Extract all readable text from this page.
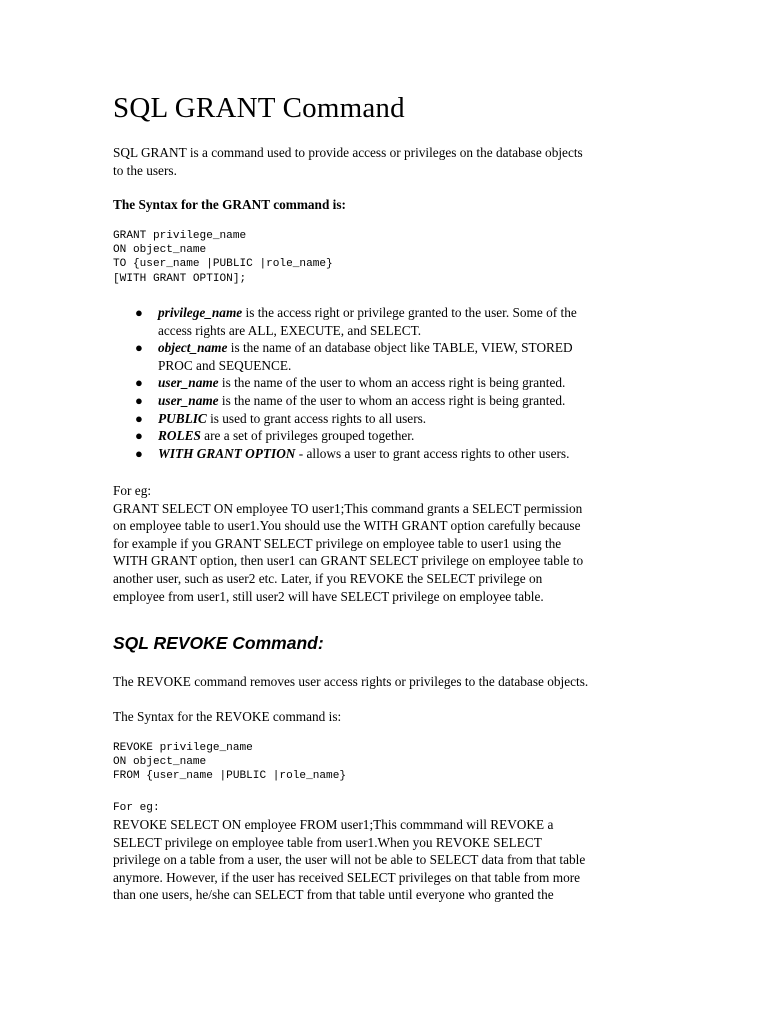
SQL GRANT Command
SQL GRANT is a command used to provide access or privileges on the database objects
to the users.
The Syntax for the GRANT command is:
GRANT privilege_name
ON object_name
TO {user_name |PUBLIC |role_name}
[WITH GRANT OPTION];
● privilege_name is the access right or privilege granted to the user. Some of the
access rights are ALL, EXECUTE, and SELECT.
● object_name is the name of an database object like TABLE, VIEW, STORED
PROC and SEQUENCE.
● user_name is the name of the user to whom an access right is being granted.
● user_name is the name of the user to whom an access right is being granted.
● PUBLIC is used to grant access rights to all users.
● ROLES are a set of privileges grouped together.
● WITH GRANT OPTION - allows a user to grant access rights to other users.
For eg:
GRANT SELECT ON employee TO user1;This command grants a SELECT permission
on employee table to user1.You should use the WITH GRANT option carefully because
for example if you GRANT SELECT privilege on employee table to user1 using the
WITH GRANT option, then user1 can GRANT SELECT privilege on employee table to
another user, such as user2 etc. Later, if you REVOKE the SELECT privilege on
employee from user1, still user2 will have SELECT privilege on employee table.
SQL REVOKE Command:
The REVOKE command removes user access rights or privileges to the database objects.
The Syntax for the REVOKE command is:
REVOKE privilege_name
ON object_name
FROM {user_name |PUBLIC |role_name}
For eg:
REVOKE SELECT ON employee FROM user1;This commmand will REVOKE a
SELECT privilege on employee table from user1.When you REVOKE SELECT
privilege on a table from a user, the user will not be able to SELECT data from that table
anymore. However, if the user has received SELECT privileges on that table from more
than one users, he/she can SELECT from that table until everyone who granted the
